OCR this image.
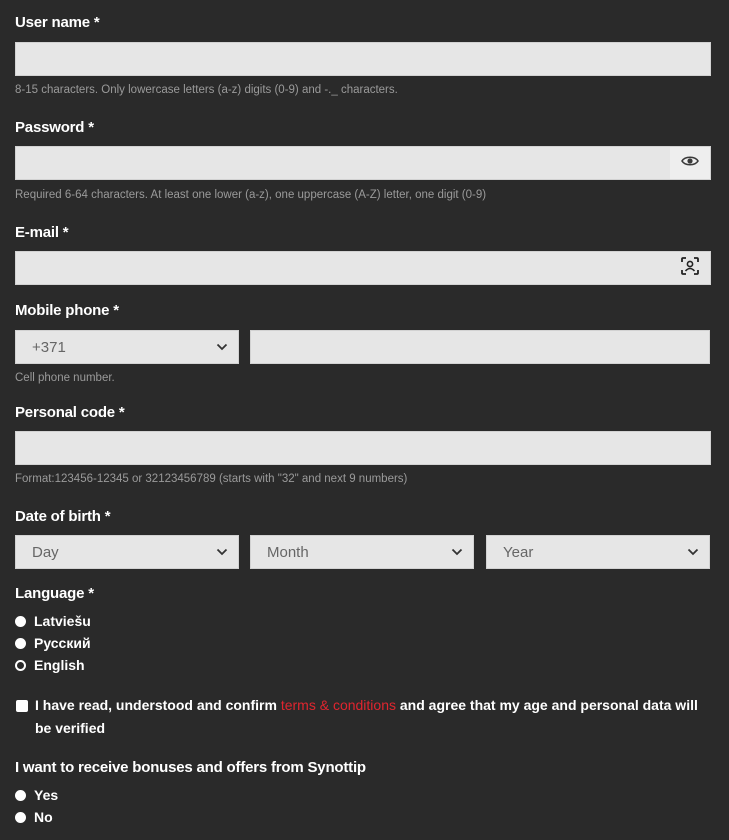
User name *
8-15 characters. Only lowercase letters (a-z) digits (0-9) and -._ characters.
Password *
Required 6-64 characters. At least one lower (a-z), one uppercase (A-Z) letter, one digit (0-9)
E-mail *
Mobile phone *
+371
Cell phone number.
Personal code *
Format:123456-12345 or 32123456789 (starts with "32" and next 9 numbers)
Date of birth *
Day	Month	Year
Language *
Latviešu
Русский
English
I have read, understood and confirm terms & conditions and agree that my age and personal data will be verified
I want to receive bonuses and offers from Synottip
Yes
No
